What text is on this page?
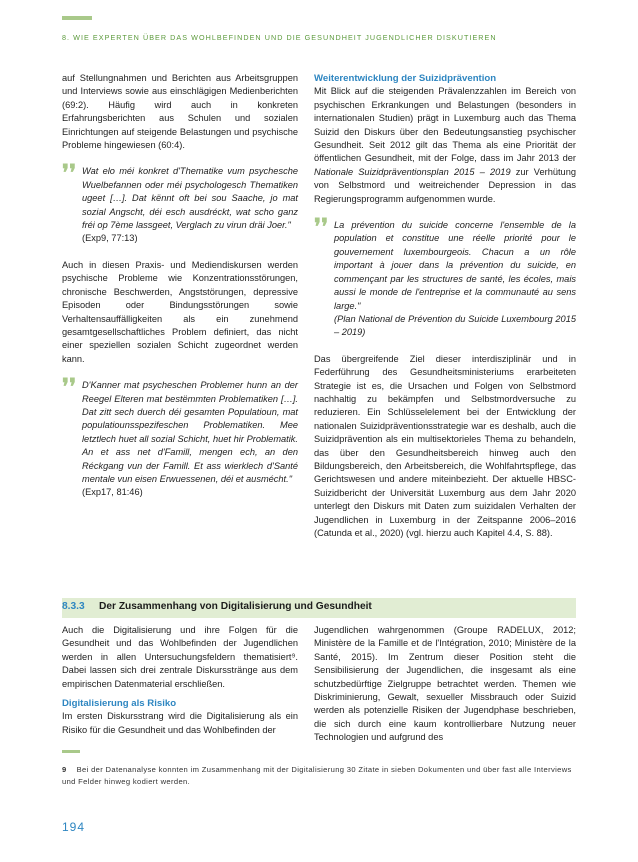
8. WIE EXPERTEN ÜBER DAS WOHLBEFINDEN UND DIE GESUNDHEIT JUGENDLICHER DISKUTIEREN

auf Stellungnahmen und Berichten aus Arbeitsgruppen und Interviews sowie aus einschlägigen Medienberichten (69:2). Häufig wird auch in konkreten Erfahrungsberichten aus Schulen und sozialen Einrichtungen auf steigende Belastungen und psychische Probleme hingewiesen (60:4).

❜❜ Wat elo méi konkret d'Thematike vum psychesche Wuelbefannen oder méi psychologesch Thematiken ugeet […]. Dat kënnt oft bei sou Saache, jo mat sozial Angscht, déi esch ausdréckt, wat scho ganz fréi op 7ème lassgeet, Verglach zu virun dräi Joer."
(Exp9, 77:13)

Auch in diesen Praxis- und Mediendiskursen werden psychische Probleme wie Konzentrationsstörungen, chronische Beschwerden, Angststörungen, depressive Episoden oder Bindungsstörungen sowie Verhaltensauffälligkeiten als ein zunehmend gesamtgesellschaftliches Problem definiert, das nicht einer speziellen sozialen Schicht zugeordnet werden kann.

❜❜ D'Kanner mat psycheschen Problemer hunn an der Reegel Elteren mat bestëmmten Problematiken […]. Dat zitt sech duerch déi gesamten Populatioun, mat populatiounsspezifeschen Problematiken. Mee letztlech huet all sozial Schicht, huet hir Problematik. An et ass net d'Famill, mengen ech, an den Réckgang vun der Famill. Et ass wierklech d'Santé mentale vun eisen Erwuessenen, déi et ausmécht."
(Exp17, 81:46)
Weiterentwicklung der Suizidprävention

Mit Blick auf die steigenden Prävalenzzahlen im Bereich von psychischen Erkrankungen und Belastungen (besonders in internationalen Studien) prägt in Luxemburg auch das Thema Suizid den Diskurs über den Bedeutungsanstieg psychischer Gesundheit. Seit 2012 gilt das Thema als eine Priorität der öffentlichen Gesundheit, mit der Folge, dass im Jahr 2013 der Nationale Suizidpräventionsplan 2015 – 2019 zur Verhütung von Selbstmord und weitreichender Depression in das Regierungsprogramm aufgenommen wurde.

❜❜ La prévention du suicide concerne l'ensemble de la population et constitue une réelle priorité pour le gouvernement luxembourgeois. Chacun a un rôle important à jouer dans la prévention du suicide, en commençant par les structures de santé, les écoles, mais aussi le monde de l'entreprise et la communauté au sens large."
(Plan National de Prévention du Suicide Luxembourg 2015 – 2019)

Das übergreifende Ziel dieser interdisziplinär und in Federführung des Gesundheitsministeriums erarbeiteten Strategie ist es, die Ursachen und Folgen von Selbstmord nachhaltig zu bekämpfen und Selbstmordversuche zu reduzieren. Ein Schlüsselelement bei der Entwicklung der nationalen Suizidpräventionsstrategie war es deshalb, auch die Suizidprävention als ein multisektorieles Thema zu behandeln, das über den Gesundheitsbereich hinweg auch den Bildungsbereich, den Arbeitsbereich, die Wohlfahrtspflege, das Gerichtswesen und andere miteinbezieht. Der aktuelle HBSC- Suizidbericht der Universität Luxemburg aus dem Jahr 2020 unterlegt den Diskurs mit Daten zum suizidalen Verhalten der Jugendlichen in Luxemburg in der Zeitspanne 2006–2016 (Catunda et al., 2020) (vgl. hierzu auch Kapitel 4.4, S. 88).

8.3.3 Der Zusammenhang von Digitalisierung und Gesundheit

Auch die Digitalisierung und ihre Folgen für die Gesundheit und das Wohlbefinden der Jugendlichen werden in allen Untersuchungsfeldern thematisiert⁹. Dabei lassen sich drei zentrale Diskursstränge aus dem empirischen Datenmaterial erschließen.

Digitalisierung als Risiko

Im ersten Diskursstrang wird die Digitalisierung als ein Risiko für die Gesundheit und das Wohlbefinden der

Jugendlichen wahrgenommen (Groupe RADELUX, 2012; Ministère de la Famille et de l'Intégration, 2010; Ministère de la Santé, 2015). Im Zentrum dieser Position steht die Sensibilisierung der Jugendlichen, die insgesamt als eine schutzbedürftige Zielgruppe betrachtet werden. Themen wie Diskriminierung, Gewalt, sexueller Missbrauch oder Suizid werden als potenzielle Risiken der Jugendphase beschrieben, die sich durch eine kaum kontrollierbare Nutzung neuer Technologien und aufgrund des

9 Bei der Datenanalyse konnten im Zusammenhang mit der Digitalisierung 30 Zitate in sieben Dokumenten und über fast alle Interviews und Felder hinweg kodiert werden.
194
